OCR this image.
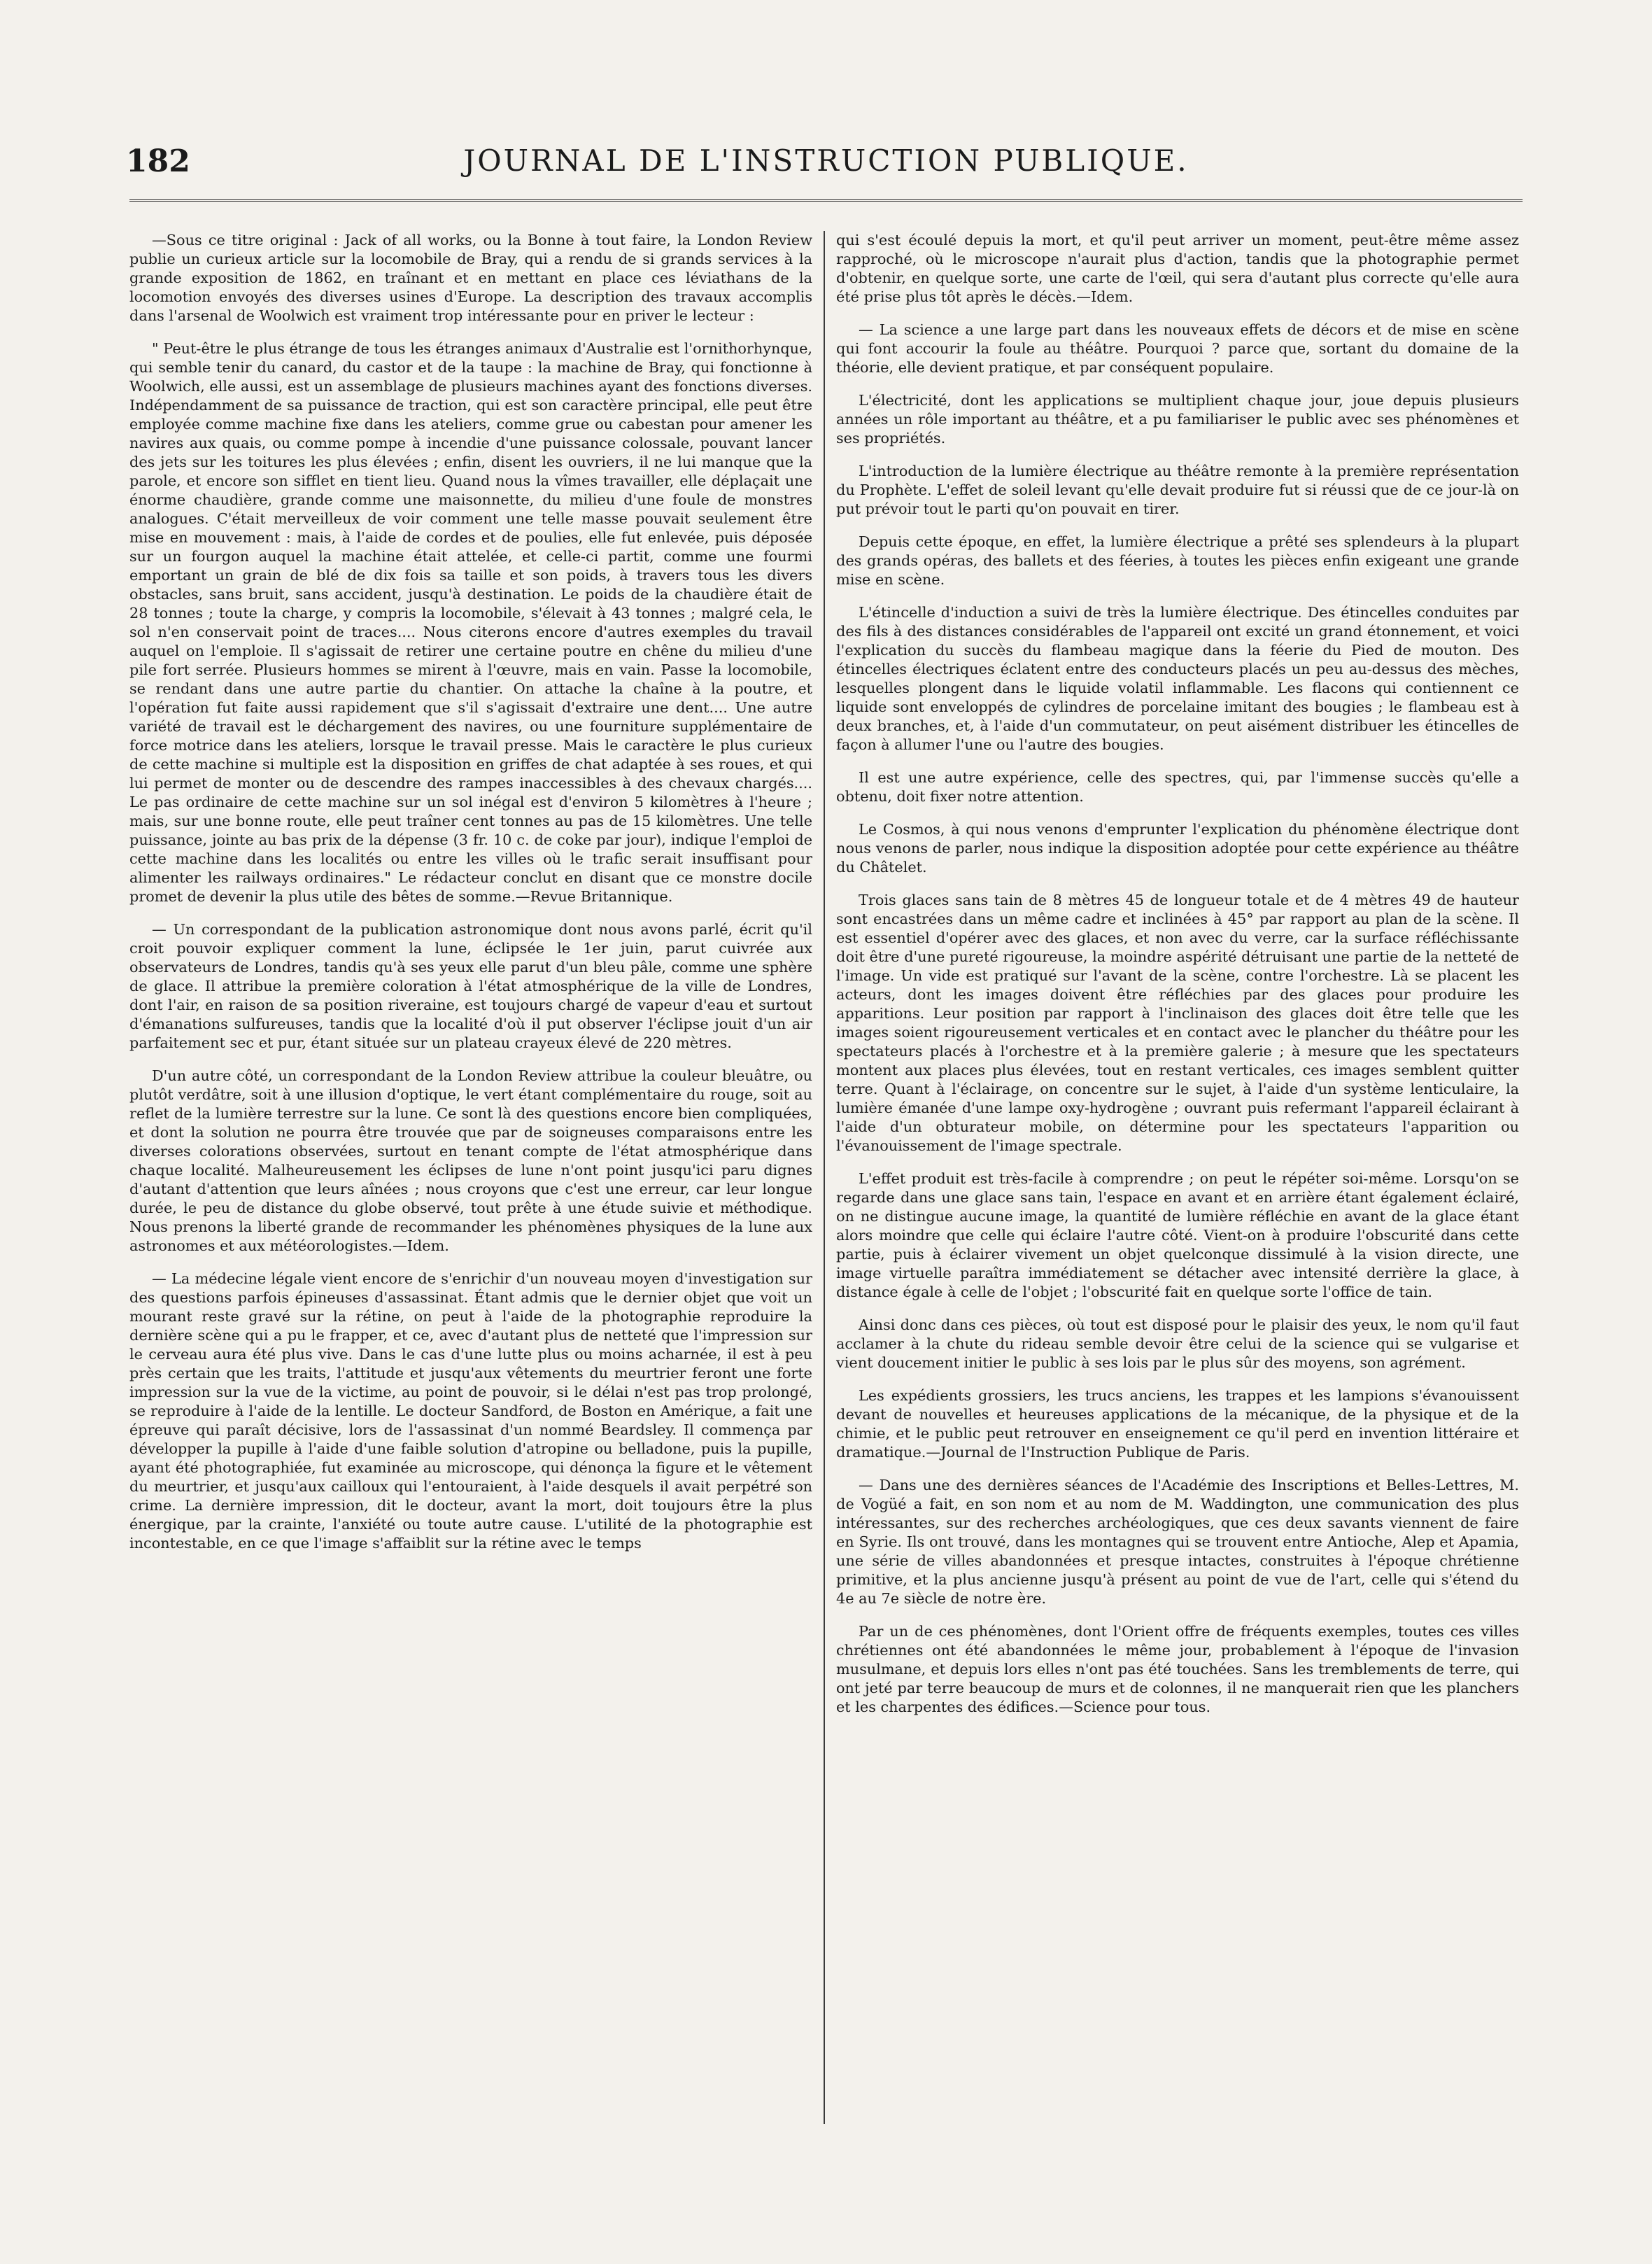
182	JOURNAL DE L'INSTRUCTION PUBLIQUE.

—Sous ce titre original : Jack of all works, ou la Bonne à tout faire, la London Review publie un curieux article sur la locomobile de Bray, qui a rendu de si grands services à la grande exposition de 1862, en traînant et en mettant en place ces léviathans de la locomotion envoyés des diverses usines d'Europe. La description des travaux accomplis dans l'arsenal de Woolwich est vraiment trop intéressante pour en priver le lecteur :

" Peut-être le plus étrange de tous les étranges animaux d'Australie est l'ornithorhynque, qui semble tenir du canard, du castor et de la taupe : la machine de Bray, qui fonctionne à Woolwich, elle aussi, est un assemblage de plusieurs machines ayant des fonctions diverses. Indépendamment de sa puissance de traction, qui est son caractère principal, elle peut être employée comme machine fixe dans les ateliers, comme grue ou cabestan pour amener les navires aux quais, ou comme pompe à incendie d'une puissance colossale, pouvant lancer des jets sur les toitures les plus élevées ; enfin, disent les ouvriers, il ne lui manque que la parole, et encore son sifflet en tient lieu. Quand nous la vîmes travailler, elle déplaçait une énorme chaudière, grande comme une maisonnette, du milieu d'une foule de monstres analogues. C'était merveilleux de voir comment une telle masse pouvait seulement être mise en mouvement : mais, à l'aide de cordes et de poulies, elle fut enlevée, puis déposée sur un fourgon auquel la machine était attelée, et celle-ci partit, comme une fourmi emportant un grain de blé de dix fois sa taille et son poids, à travers tous les divers obstacles, sans bruit, sans accident, jusqu'à destination. Le poids de la chaudière était de 28 tonnes ; toute la charge, y compris la locomobile, s'élevait à 43 tonnes ; malgré cela, le sol n'en conservait point de traces.... Nous citerons encore d'autres exemples du travail auquel on l'emploie. Il s'agissait de retirer une certaine poutre en chêne du milieu d'une pile fort serrée. Plusieurs hommes se mirent à l'œuvre, mais en vain. Passe la locomobile, se rendant dans une autre partie du chantier. On attache la chaîne à la poutre, et l'opération fut faite aussi rapidement que s'il s'agissait d'extraire une dent.... Une autre variété de travail est le déchargement des navires, ou une fourniture supplémentaire de force motrice dans les ateliers, lorsque le travail presse. Mais le caractère le plus curieux de cette machine si multiple est la disposition en griffes de chat adaptée à ses roues, et qui lui permet de monter ou de descendre des rampes inaccessibles à des chevaux chargés.... Le pas ordinaire de cette machine sur un sol inégal est d'environ 5 kilomètres à l'heure ; mais, sur une bonne route, elle peut traîner cent tonnes au pas de 15 kilomètres. Une telle puissance, jointe au bas prix de la dépense (3 fr. 10 c. de coke par jour), indique l'emploi de cette machine dans les localités ou entre les villes où le trafic serait insuffisant pour alimenter les railways ordinaires." Le rédacteur conclut en disant que ce monstre docile promet de devenir la plus utile des bêtes de somme.—Revue Britannique.

— Un correspondant de la publication astronomique dont nous avons parlé, écrit qu'il croit pouvoir expliquer comment la lune, éclipsée le 1er juin, parut cuivrée aux observateurs de Londres, tandis qu'à ses yeux elle parut d'un bleu pâle, comme une sphère de glace. Il attribue la première coloration à l'état atmosphérique de la ville de Londres, dont l'air, en raison de sa position riveraine, est toujours chargé de vapeur d'eau et surtout d'émanations sulfureuses, tandis que la localité d'où il put observer l'éclipse jouit d'un air parfaitement sec et pur, étant située sur un plateau crayeux élevé de 220 mètres.

D'un autre côté, un correspondant de la London Review attribue la couleur bleuâtre, ou plutôt verdâtre, soit à une illusion d'optique, le vert étant complémentaire du rouge, soit au reflet de la lumière terrestre sur la lune. Ce sont là des questions encore bien compliquées, et dont la solution ne pourra être trouvée que par de soigneuses comparaisons entre les diverses colorations observées, surtout en tenant compte de l'état atmosphérique dans chaque localité. Malheureusement les éclipses de lune n'ont point jusqu'ici paru dignes d'autant d'attention que leurs aînées ; nous croyons que c'est une erreur, car leur longue durée, le peu de distance du globe observé, tout prête à une étude suivie et méthodique. Nous prenons la liberté grande de recommander les phénomènes physiques de la lune aux astronomes et aux météorologistes.—Idem.

— La médecine légale vient encore de s'enrichir d'un nouveau moyen d'investigation sur des questions parfois épineuses d'assassinat. Étant admis que le dernier objet que voit un mourant reste gravé sur la rétine, on peut à l'aide de la photographie reproduire la dernière scène qui a pu le frapper, et ce, avec d'autant plus de netteté que l'impression sur le cerveau aura été plus vive. Dans le cas d'une lutte plus ou moins acharnée, il est à peu près certain que les traits, l'attitude et jusqu'aux vêtements du meurtrier feront une forte impression sur la vue de la victime, au point de pouvoir, si le délai n'est pas trop prolongé, se reproduire à l'aide de la lentille. Le docteur Sandford, de Boston en Amérique, a fait une épreuve qui paraît décisive, lors de l'assassinat d'un nommé Beardsley. Il commença par développer la pupille à l'aide d'une faible solution d'atropine ou belladone, puis la pupille, ayant été photographiée, fut examinée au microscope, qui dénonça la figure et le vêtement du meurtrier, et jusqu'aux cailloux qui l'entouraient, à l'aide desquels il avait perpétré son crime. La dernière impression, dit le docteur, avant la mort, doit toujours être la plus énergique, par la crainte, l'anxiété ou toute autre cause. L'utilité de la photographie est incontestable, en ce que l'image s'affaiblit sur la rétine avec le temps

qui s'est écoulé depuis la mort, et qu'il peut arriver un moment, peut-être même assez rapproché, où le microscope n'aurait plus d'action, tandis que la photographie permet d'obtenir, en quelque sorte, une carte de l'œil, qui sera d'autant plus correcte qu'elle aura été prise plus tôt après le décès.—Idem.

— La science a une large part dans les nouveaux effets de décors et de mise en scène qui font accourir la foule au théâtre. Pourquoi ? parce que, sortant du domaine de la théorie, elle devient pratique, et par conséquent populaire.

L'électricité, dont les applications se multiplient chaque jour, joue depuis plusieurs années un rôle important au théâtre, et a pu familiariser le public avec ses phénomènes et ses propriétés.

L'introduction de la lumière électrique au théâtre remonte à la première représentation du Prophète. L'effet de soleil levant qu'elle devait produire fut si réussi que de ce jour-là on put prévoir tout le parti qu'on pouvait en tirer.

Depuis cette époque, en effet, la lumière électrique a prêté ses splendeurs à la plupart des grands opéras, des ballets et des féeries, à toutes les pièces enfin exigeant une grande mise en scène.

L'étincelle d'induction a suivi de très la lumière électrique. Des étincelles conduites par des fils à des distances considérables de l'appareil ont excité un grand étonnement, et voici l'explication du succès du flambeau magique dans la féerie du Pied de mouton. Des étincelles électriques éclatent entre des conducteurs placés un peu au-dessus des mèches, lesquelles plongent dans le liquide volatil inflammable. Les flacons qui contiennent ce liquide sont enveloppés de cylindres de porcelaine imitant des bougies ; le flambeau est à deux branches, et, à l'aide d'un commutateur, on peut aisément distribuer les étincelles de façon à allumer l'une ou l'autre des bougies.

Il est une autre expérience, celle des spectres, qui, par l'immense succès qu'elle a obtenu, doit fixer notre attention.

Le Cosmos, à qui nous venons d'emprunter l'explication du phénomène électrique dont nous venons de parler, nous indique la disposition adoptée pour cette expérience au théâtre du Châtelet.

Trois glaces sans tain de 8 mètres 45 de longueur totale et de 4 mètres 49 de hauteur sont encastrées dans un même cadre et inclinées à 45° par rapport au plan de la scène. Il est essentiel d'opérer avec des glaces, et non avec du verre, car la surface réfléchissante doit être d'une pureté rigoureuse, la moindre aspérité détruisant une partie de la netteté de l'image. Un vide est pratiqué sur l'avant de la scène, contre l'orchestre. Là se placent les acteurs, dont les images doivent être réfléchies par des glaces pour produire les apparitions. Leur position par rapport à l'inclinaison des glaces doit être telle que les images soient rigoureusement verticales et en contact avec le plancher du théâtre pour les spectateurs placés à l'orchestre et à la première galerie ; à mesure que les spectateurs montent aux places plus élevées, tout en restant verticales, ces images semblent quitter terre. Quant à l'éclairage, on concentre sur le sujet, à l'aide d'un système lenticulaire, la lumière émanée d'une lampe oxy-hydrogène ; ouvrant puis refermant l'appareil éclairant à l'aide d'un obturateur mobile, on détermine pour les spectateurs l'apparition ou l'évanouissement de l'image spectrale.

L'effet produit est très-facile à comprendre ; on peut le répéter soi-même. Lorsqu'on se regarde dans une glace sans tain, l'espace en avant et en arrière étant également éclairé, on ne distingue aucune image, la quantité de lumière réfléchie en avant de la glace étant alors moindre que celle qui éclaire l'autre côté. Vient-on à produire l'obscurité dans cette partie, puis à éclairer vivement un objet quelconque dissimulé à la vision directe, une image virtuelle paraîtra immédiatement se détacher avec intensité derrière la glace, à distance égale à celle de l'objet ; l'obscurité fait en quelque sorte l'office de tain.

Ainsi donc dans ces pièces, où tout est disposé pour le plaisir des yeux, le nom qu'il faut acclamer à la chute du rideau semble devoir être celui de la science qui se vulgarise et vient doucement initier le public à ses lois par le plus sûr des moyens, son agrément.

Les expédients grossiers, les trucs anciens, les trappes et les lampions s'évanouissent devant de nouvelles et heureuses applications de la mécanique, de la physique et de la chimie, et le public peut retrouver en enseignement ce qu'il perd en invention littéraire et dramatique.—Journal de l'Instruction Publique de Paris.

— Dans une des dernières séances de l'Académie des Inscriptions et Belles-Lettres, M. de Vogüé a fait, en son nom et au nom de M. Waddington, une communication des plus intéressantes, sur des recherches archéologiques, que ces deux savants viennent de faire en Syrie. Ils ont trouvé, dans les montagnes qui se trouvent entre Antioche, Alep et Apamia, une série de villes abandonnées et presque intactes, construites à l'époque chrétienne primitive, et la plus ancienne jusqu'à présent au point de vue de l'art, celle qui s'étend du 4e au 7e siècle de notre ère.

Par un de ces phénomènes, dont l'Orient offre de fréquents exemples, toutes ces villes chrétiennes ont été abandonnées le même jour, probablement à l'époque de l'invasion musulmane, et depuis lors elles n'ont pas été touchées. Sans les tremblements de terre, qui ont jeté par terre beaucoup de murs et de colonnes, il ne manquerait rien que les planchers et les charpentes des édifices.—Science pour tous.
